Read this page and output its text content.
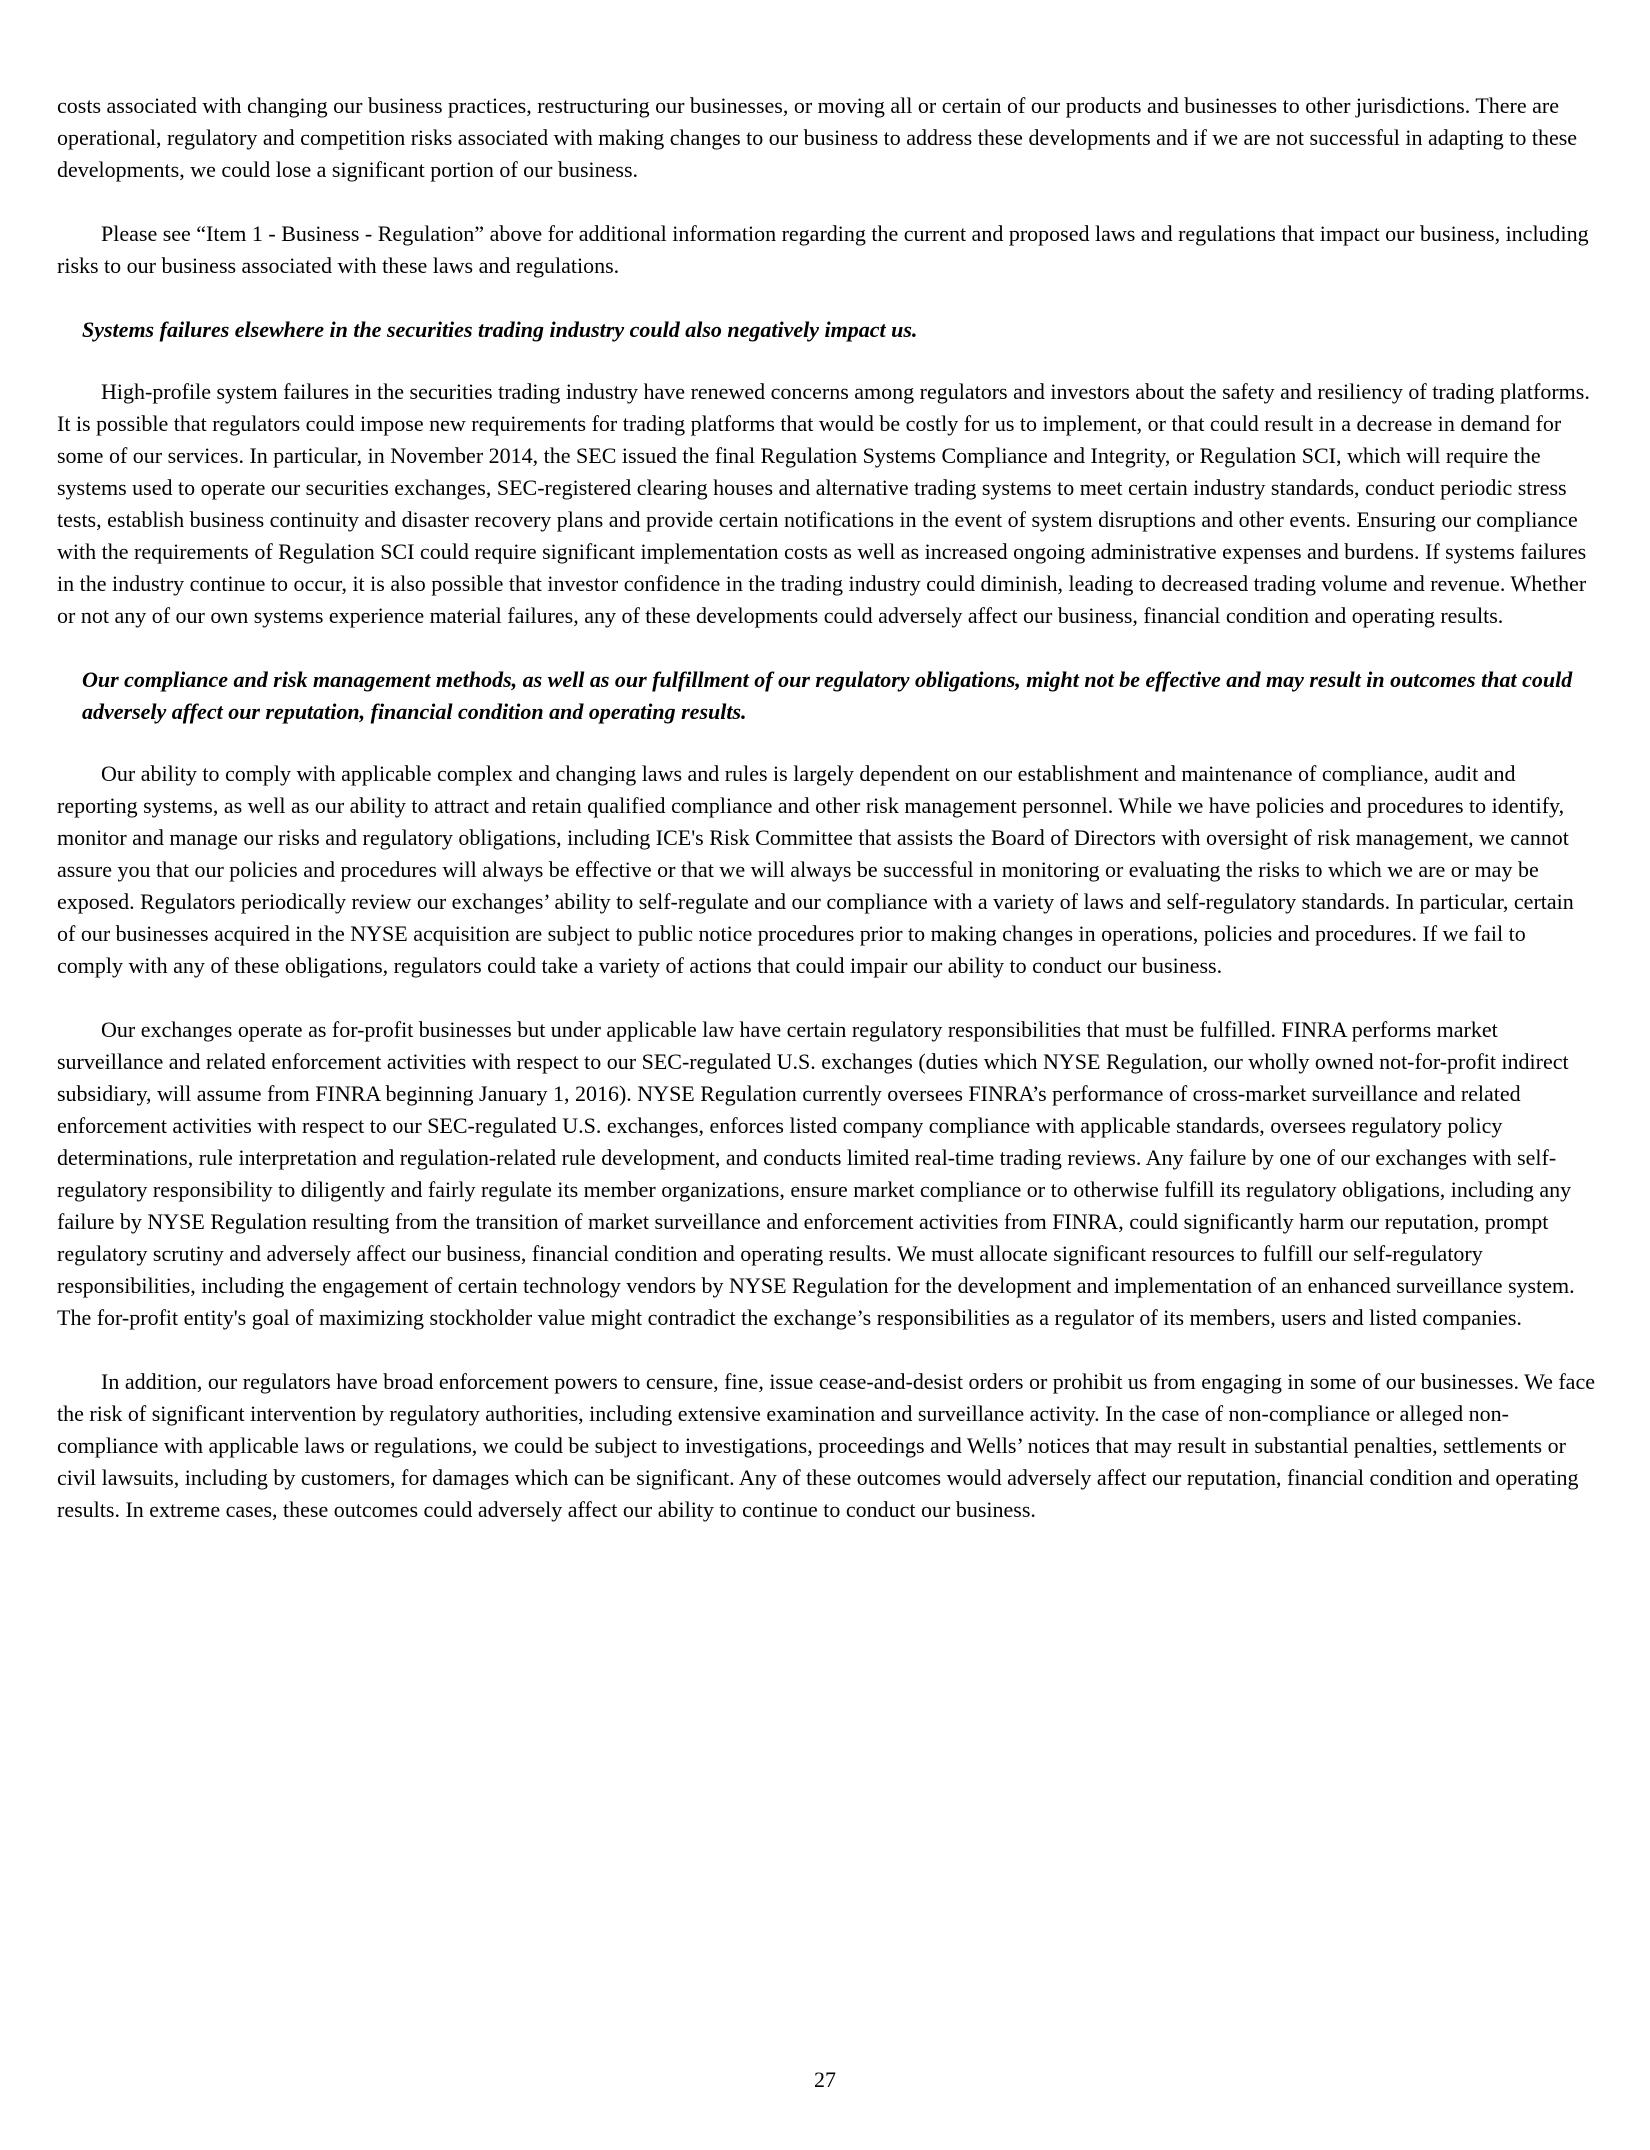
costs associated with changing our business practices, restructuring our businesses, or moving all or certain of our products and businesses to other jurisdictions. There are operational, regulatory and competition risks associated with making changes to our business to address these developments and if we are not successful in adapting to these developments, we could lose a significant portion of our business.

Please see “Item 1 - Business - Regulation” above for additional information regarding the current and proposed laws and regulations that impact our business, including risks to our business associated with these laws and regulations.

Systems failures elsewhere in the securities trading industry could also negatively impact us.

High-profile system failures in the securities trading industry have renewed concerns among regulators and investors about the safety and resiliency of trading platforms. It is possible that regulators could impose new requirements for trading platforms that would be costly for us to implement, or that could result in a decrease in demand for some of our services. In particular, in November 2014, the SEC issued the final Regulation Systems Compliance and Integrity, or Regulation SCI, which will require the systems used to operate our securities exchanges, SEC-registered clearing houses and alternative trading systems to meet certain industry standards, conduct periodic stress tests, establish business continuity and disaster recovery plans and provide certain notifications in the event of system disruptions and other events. Ensuring our compliance with the requirements of Regulation SCI could require significant implementation costs as well as increased ongoing administrative expenses and burdens. If systems failures in the industry continue to occur, it is also possible that investor confidence in the trading industry could diminish, leading to decreased trading volume and revenue. Whether or not any of our own systems experience material failures, any of these developments could adversely affect our business, financial condition and operating results.

Our compliance and risk management methods, as well as our fulfillment of our regulatory obligations, might not be effective and may result in outcomes that could adversely affect our reputation, financial condition and operating results.

Our ability to comply with applicable complex and changing laws and rules is largely dependent on our establishment and maintenance of compliance, audit and reporting systems, as well as our ability to attract and retain qualified compliance and other risk management personnel. While we have policies and procedures to identify, monitor and manage our risks and regulatory obligations, including ICE's Risk Committee that assists the Board of Directors with oversight of risk management, we cannot assure you that our policies and procedures will always be effective or that we will always be successful in monitoring or evaluating the risks to which we are or may be exposed. Regulators periodically review our exchanges’ ability to self-regulate and our compliance with a variety of laws and self-regulatory standards. In particular, certain of our businesses acquired in the NYSE acquisition are subject to public notice procedures prior to making changes in operations, policies and procedures. If we fail to comply with any of these obligations, regulators could take a variety of actions that could impair our ability to conduct our business.

Our exchanges operate as for-profit businesses but under applicable law have certain regulatory responsibilities that must be fulfilled. FINRA performs market surveillance and related enforcement activities with respect to our SEC-regulated U.S. exchanges (duties which NYSE Regulation, our wholly owned not-for-profit indirect subsidiary, will assume from FINRA beginning January 1, 2016). NYSE Regulation currently oversees FINRA’s performance of cross-market surveillance and related enforcement activities with respect to our SEC-regulated U.S. exchanges, enforces listed company compliance with applicable standards, oversees regulatory policy determinations, rule interpretation and regulation-related rule development, and conducts limited real-time trading reviews. Any failure by one of our exchanges with self-regulatory responsibility to diligently and fairly regulate its member organizations, ensure market compliance or to otherwise fulfill its regulatory obligations, including any failure by NYSE Regulation resulting from the transition of market surveillance and enforcement activities from FINRA, could significantly harm our reputation, prompt regulatory scrutiny and adversely affect our business, financial condition and operating results. We must allocate significant resources to fulfill our self-regulatory responsibilities, including the engagement of certain technology vendors by NYSE Regulation for the development and implementation of an enhanced surveillance system. The for-profit entity's goal of maximizing stockholder value might contradict the exchange’s responsibilities as a regulator of its members, users and listed companies.

In addition, our regulators have broad enforcement powers to censure, fine, issue cease-and-desist orders or prohibit us from engaging in some of our businesses. We face the risk of significant intervention by regulatory authorities, including extensive examination and surveillance activity. In the case of non-compliance or alleged non-compliance with applicable laws or regulations, we could be subject to investigations, proceedings and Wells’ notices that may result in substantial penalties, settlements or civil lawsuits, including by customers, for damages which can be significant. Any of these outcomes would adversely affect our reputation, financial condition and operating results. In extreme cases, these outcomes could adversely affect our ability to continue to conduct our business.

27
